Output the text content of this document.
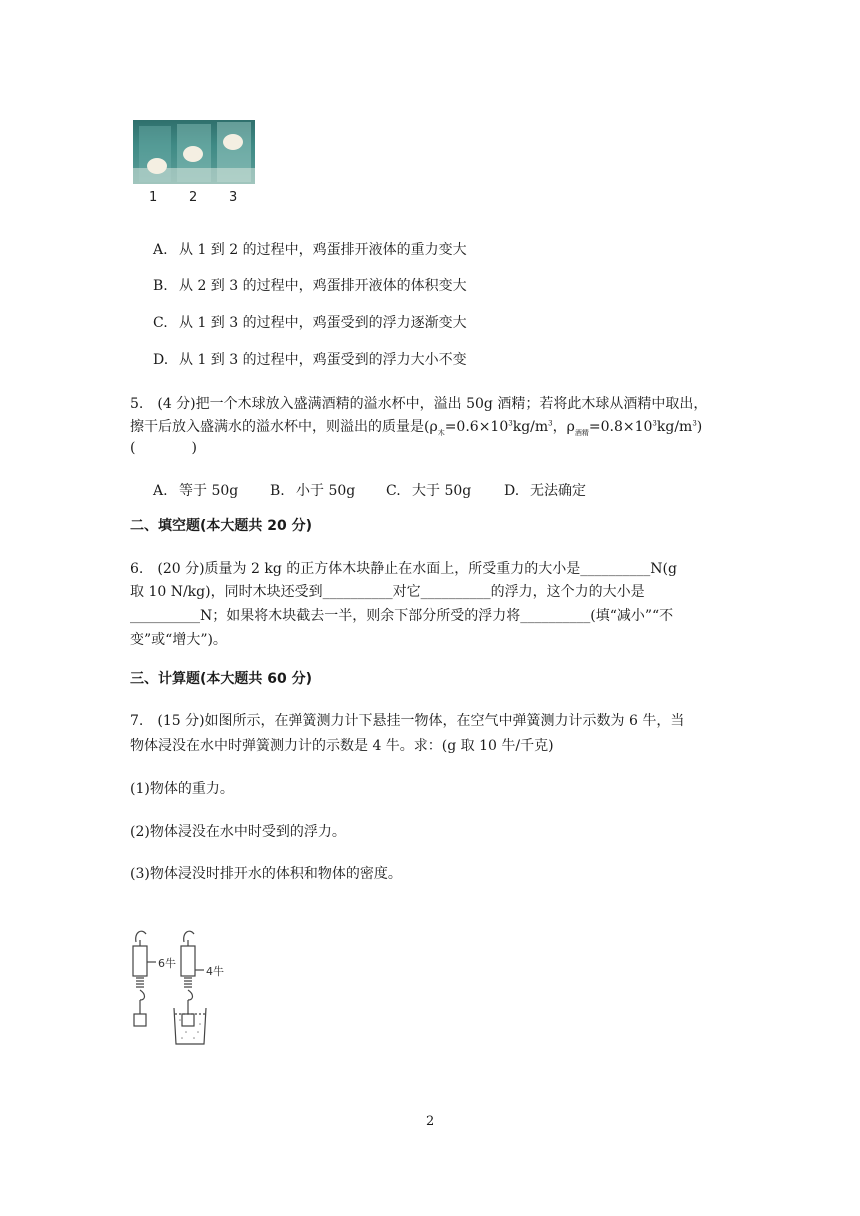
1 2 3
A. 从 1 到 2 的过程中，鸡蛋排开液体的重力变大
B. 从 2 到 3 的过程中，鸡蛋排开液体的体积变大
C. 从 1 到 3 的过程中，鸡蛋受到的浮力逐渐变大
D. 从 1 到 3 的过程中，鸡蛋受到的浮力大小不变
5.　(4 分)把一个木球放入盛满酒精的溢水杯中，溢出 50g 酒精；若将此木球从酒精中取出，
擦干后放入盛满水的溢水杯中，则溢出的质量是($\rho_木=0.6\times 10^3kg/m^3$，$\rho_{酒精}=0.8\times 10^3kg/m^3$)
(　　　　)
A. 等于 50g B. 小于 50g C. 大于 50g D. 无法确定
二、填空题(本大题共 20 分)
6.　(20 分)质量为 2 kg 的正方体木块静止在水面上，所受重力的大小是__________N(g
取 10 N/kg)，同时木块还受到__________对它__________的浮力，这个力的大小是
__________N；如果将木块截去一半，则余下部分所受的浮力将__________(填“减小”“不
变”或“增大”)。
三、计算题(本大题共 60 分)
7.　(15 分)如图所示，在弹簧测力计下悬挂一物体，在空气中弹簧测力计示数为 6 牛，当
物体浸没在水中时弹簧测力计的示数是 4 牛。求：(g 取 10 牛/千克)
(1)物体的重力。
(2)物体浸没在水中时受到的浮力。
(3)物体浸没时排开水的体积和物体的密度。
6牛
4牛
2
